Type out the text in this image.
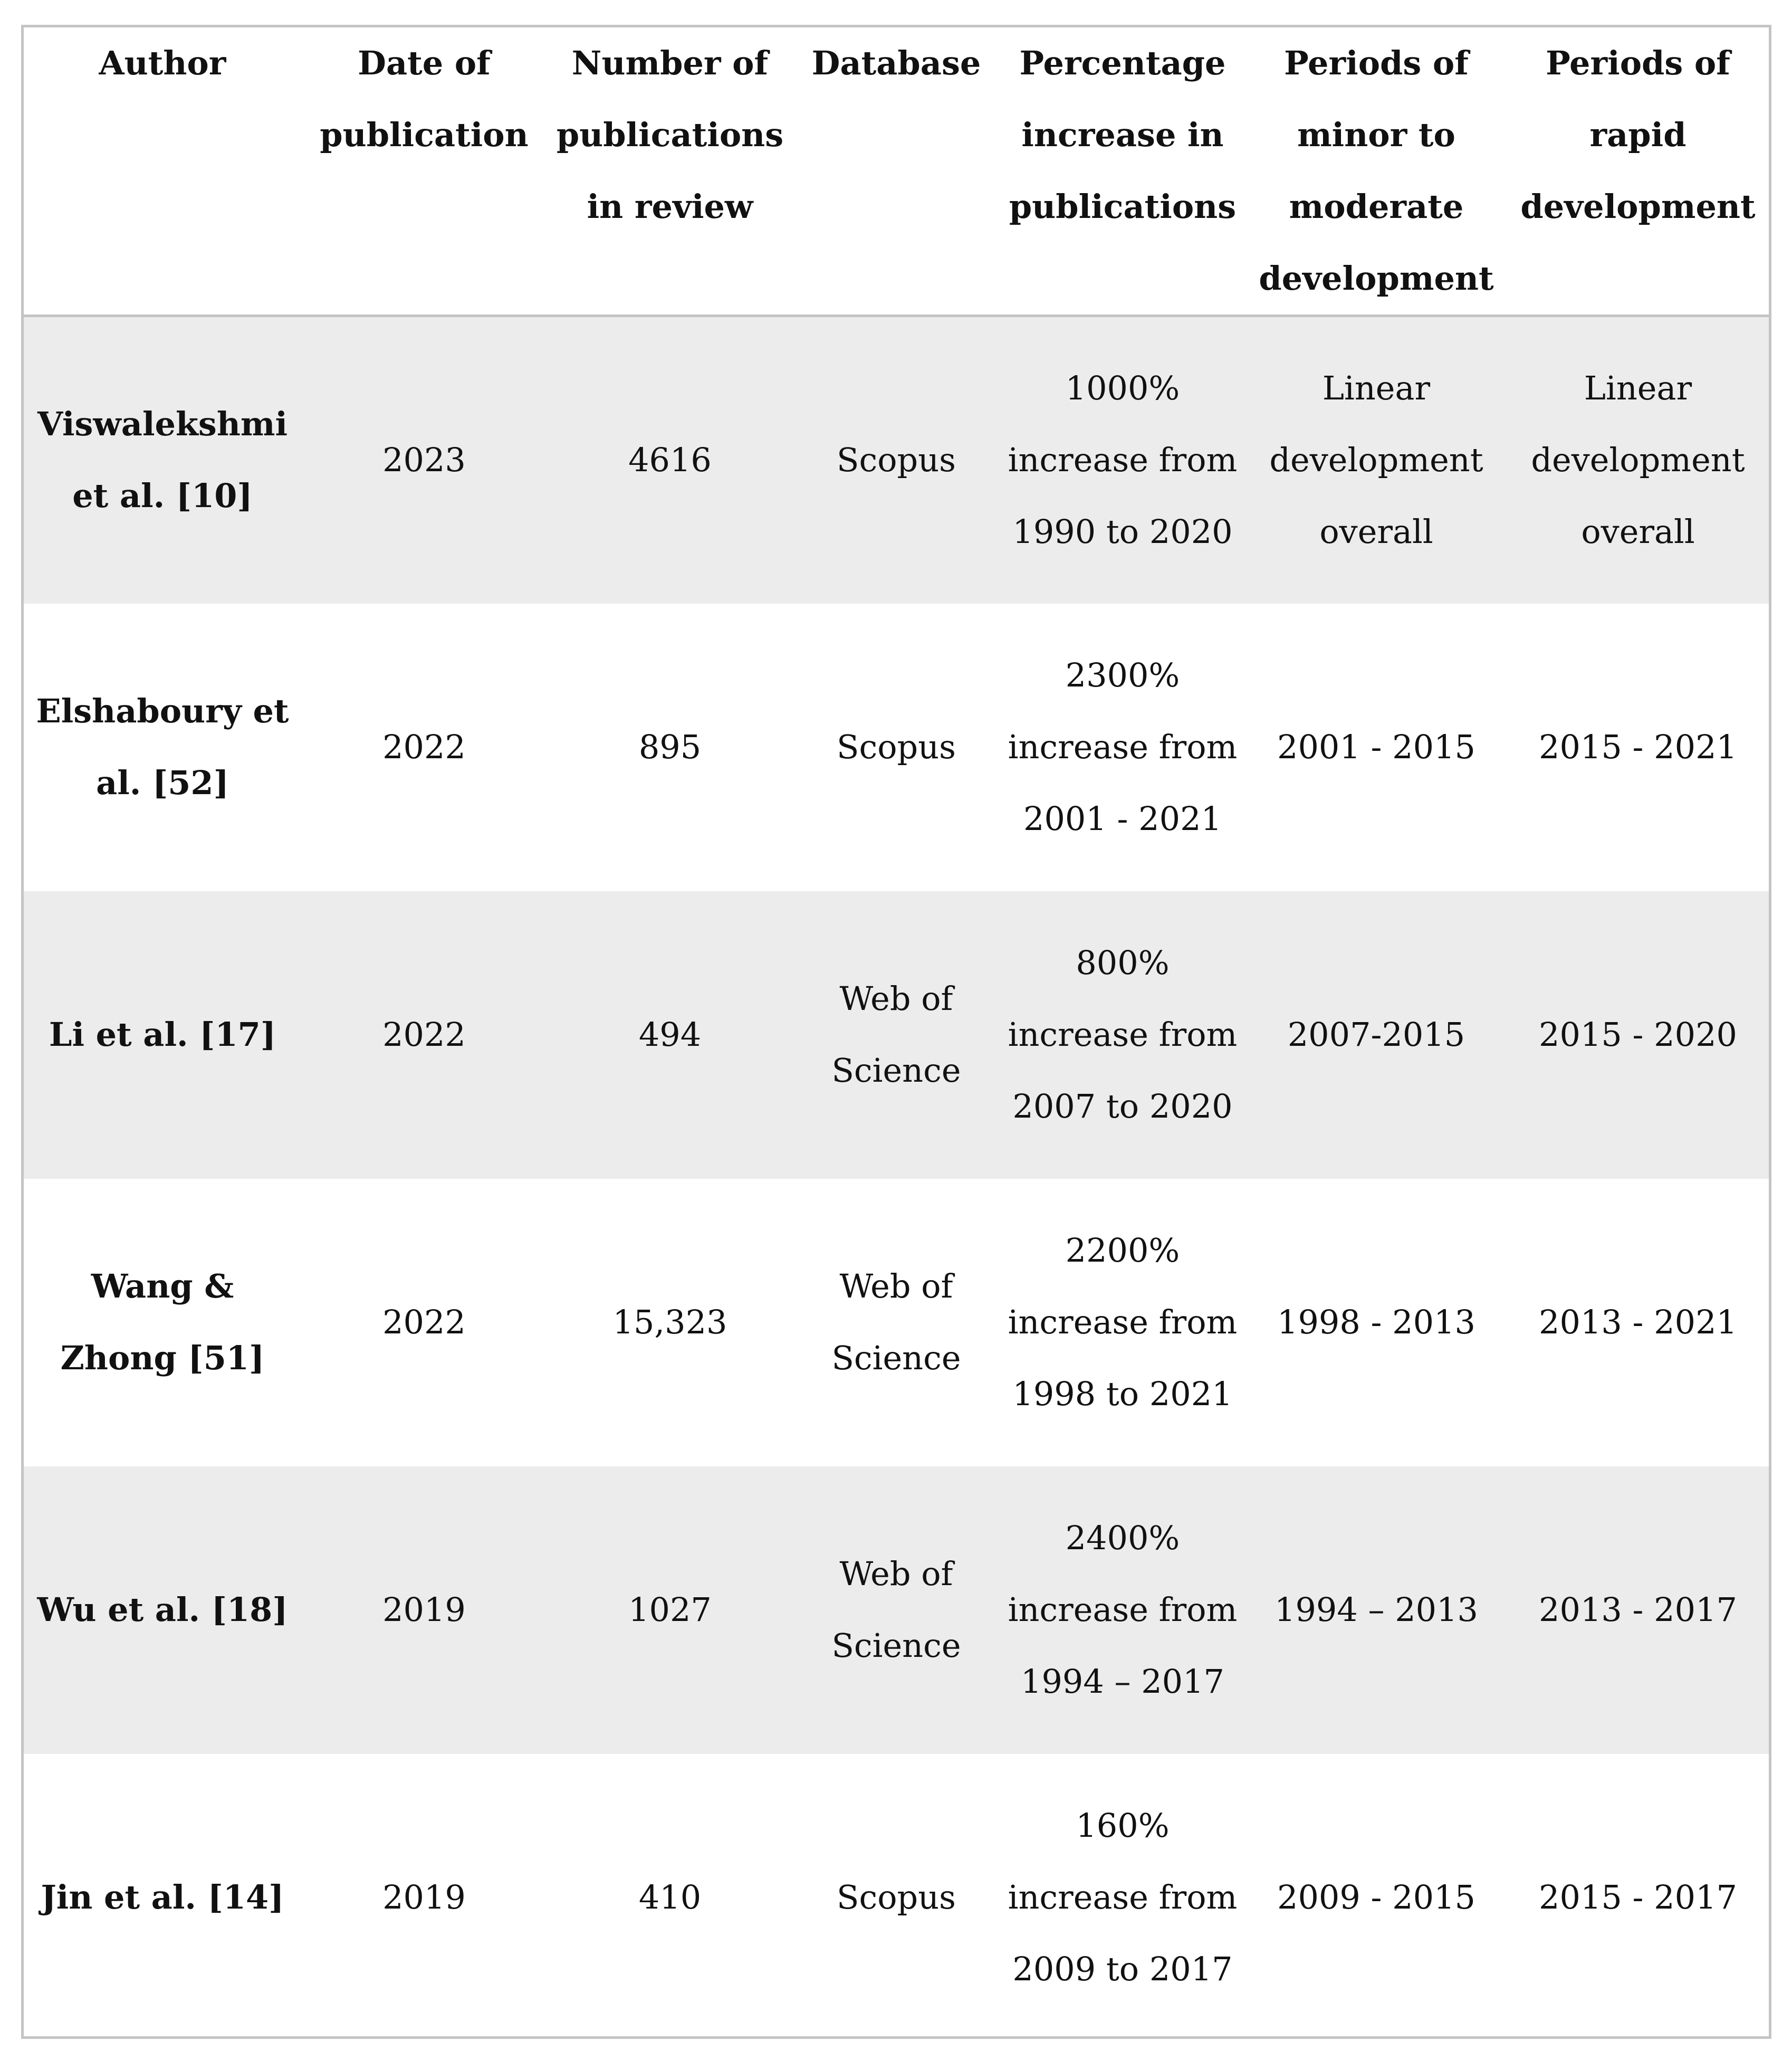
Author	Date of publication	Number of publications in review	Database	Percentage increase in publications	Periods of minor to moderate development	Periods of rapid development
Viswalekshmi et al. [10]	2023	4616	Scopus	1000% increase from 1990 to 2020	Linear development overall	Linear development overall
Elshaboury et al. [52]	2022	895	Scopus	2300% increase from 2001 - 2021	2001 - 2015	2015 - 2021
Li et al. [17]	2022	494	Web of Science	800% increase from 2007 to 2020	2007-2015	2015 - 2020
Wang & Zhong [51]	2022	15,323	Web of Science	2200% increase from 1998 to 2021	1998 - 2013	2013 - 2021
Wu et al. [18]	2019	1027	Web of Science	2400% increase from 1994 – 2017	1994 – 2013	2013 - 2017
Jin et al. [14]	2019	410	Scopus	160% increase from 2009 to 2017	2009 - 2015	2015 - 2017
